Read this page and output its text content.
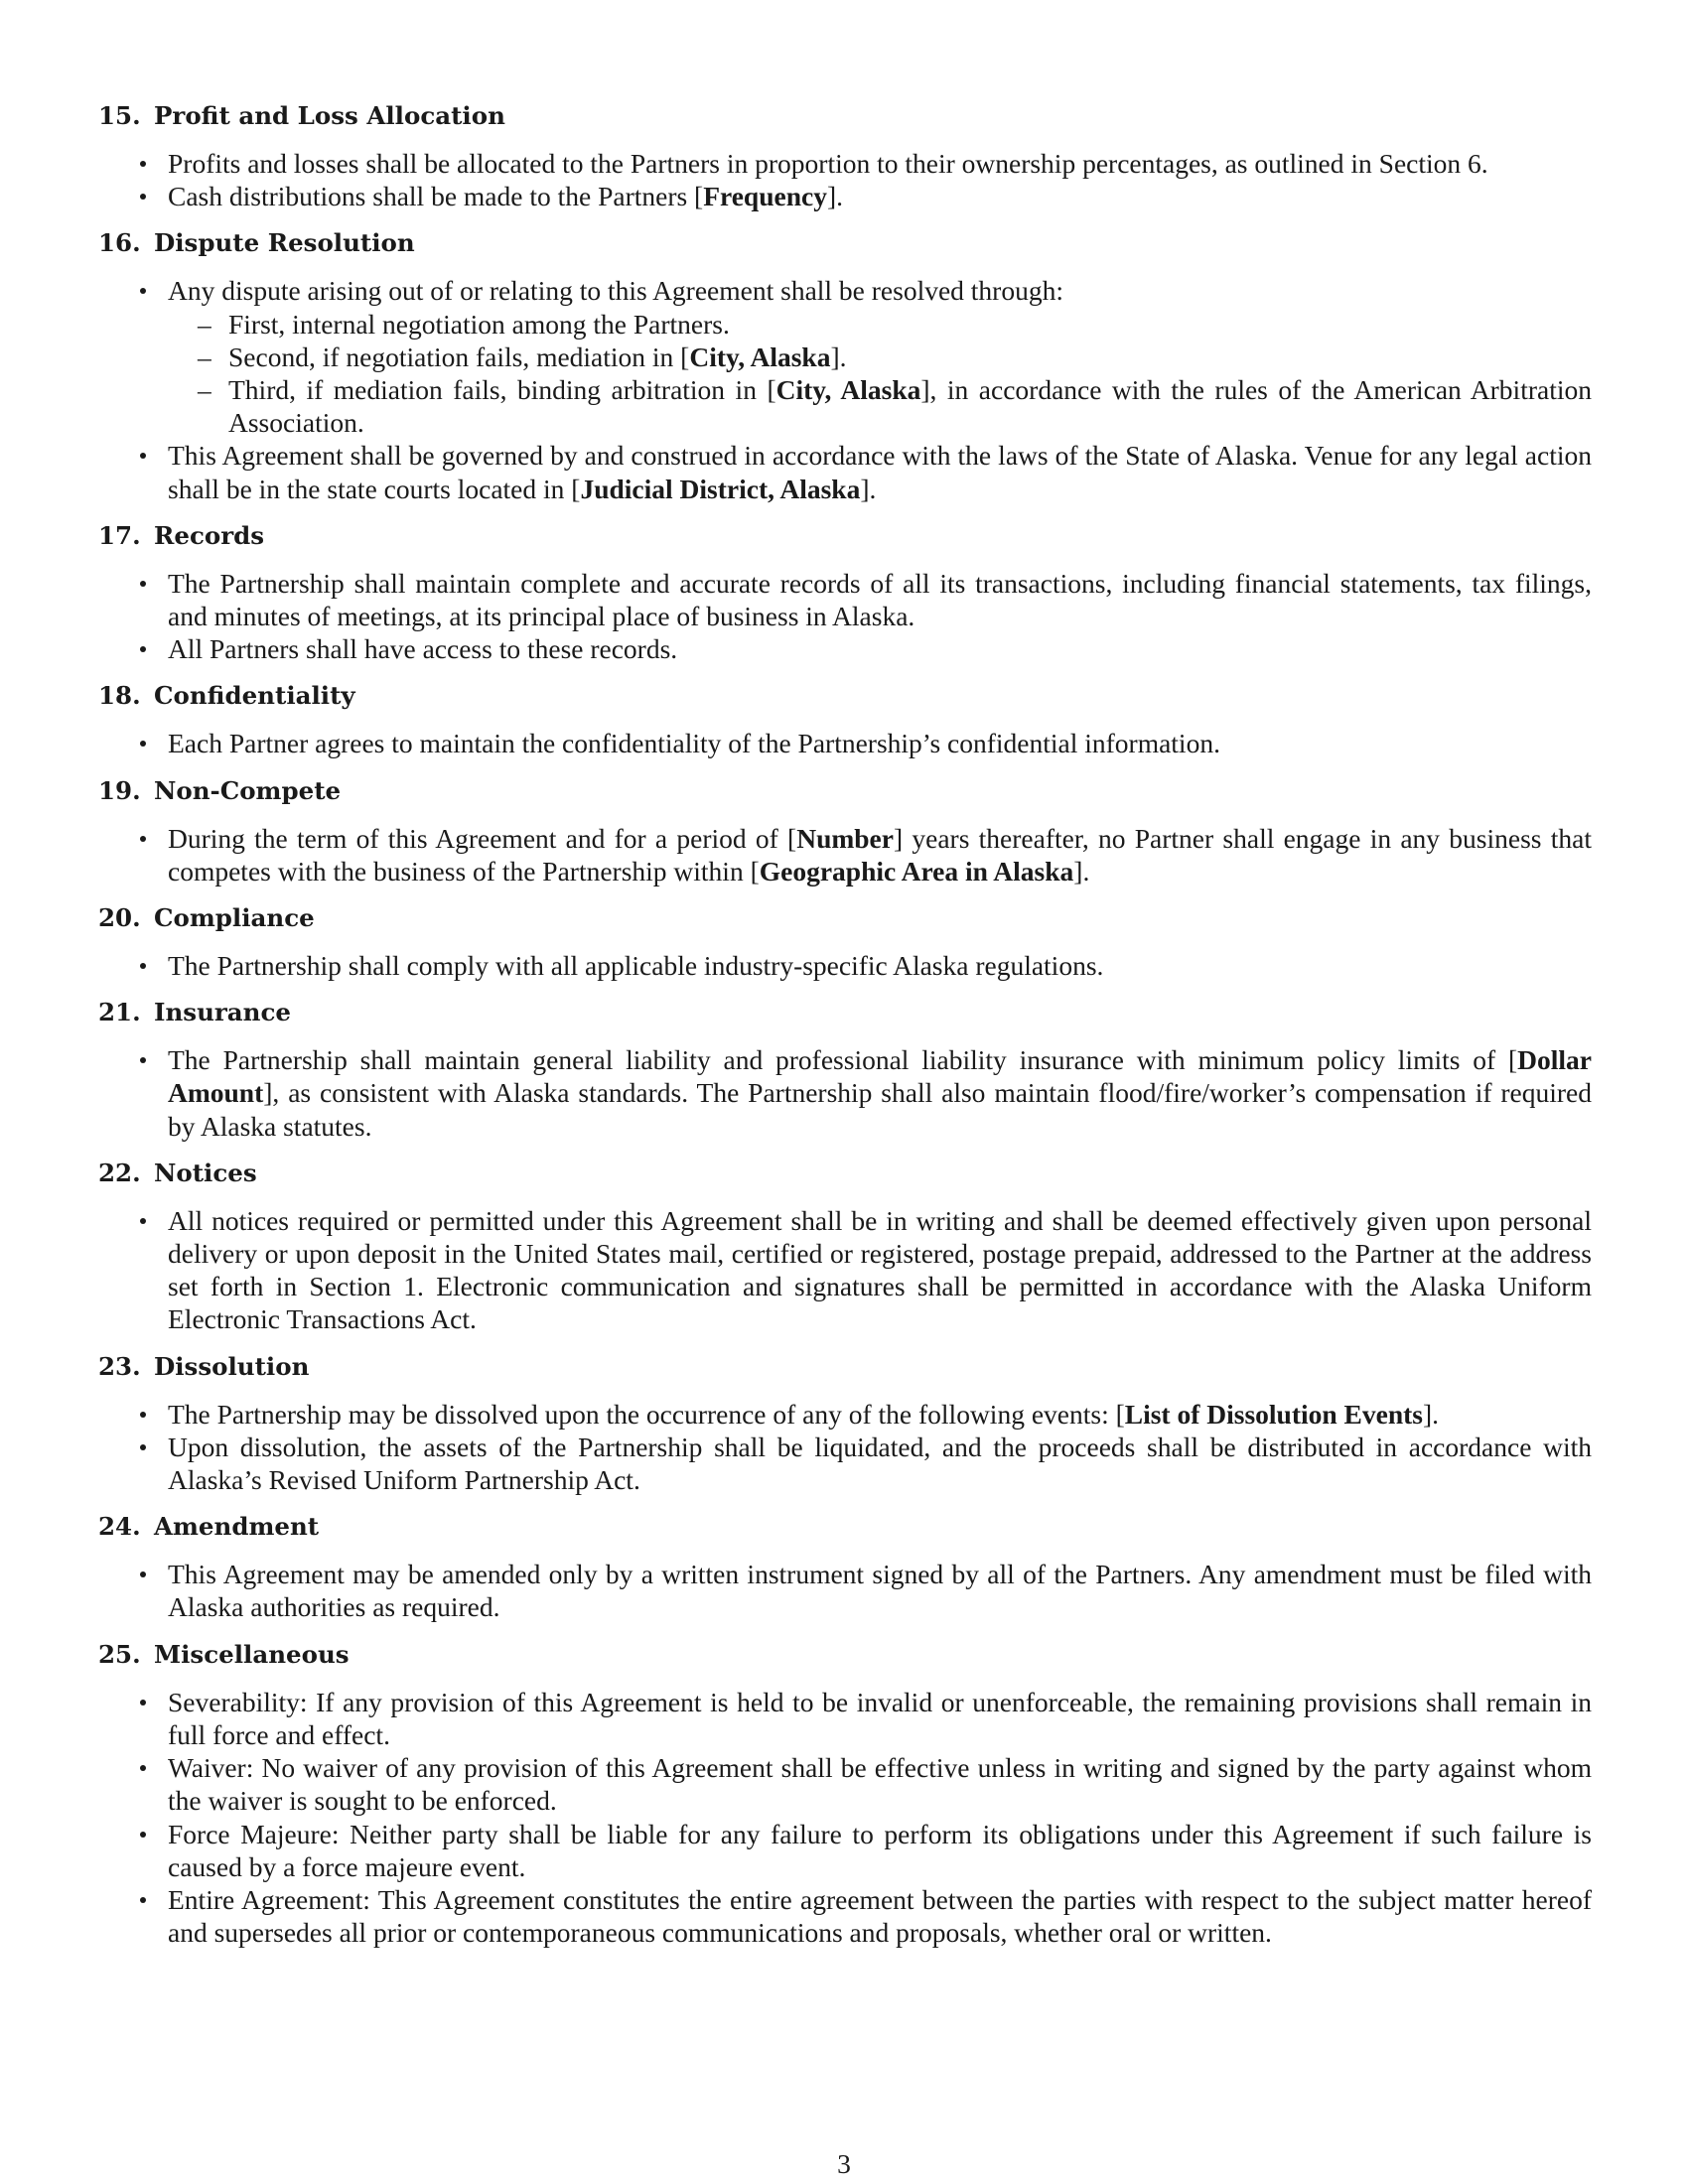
15. Profit and Loss Allocation
Profits and losses shall be allocated to the Partners in proportion to their ownership percentages, as outlined in Section 6.
Cash distributions shall be made to the Partners [Frequency].
16. Dispute Resolution
Any dispute arising out of or relating to this Agreement shall be resolved through:
– First, internal negotiation among the Partners.
– Second, if negotiation fails, mediation in [City, Alaska].
– Third, if mediation fails, binding arbitration in [City, Alaska], in accordance with the rules of the American Arbitration Association.
This Agreement shall be governed by and construed in accordance with the laws of the State of Alaska. Venue for any legal action shall be in the state courts located in [Judicial District, Alaska].
17. Records
The Partnership shall maintain complete and accurate records of all its transactions, including financial statements, tax filings, and minutes of meetings, at its principal place of business in Alaska.
All Partners shall have access to these records.
18. Confidentiality
Each Partner agrees to maintain the confidentiality of the Partnership’s confidential information.
19. Non-Compete
During the term of this Agreement and for a period of [Number] years thereafter, no Partner shall engage in any business that competes with the business of the Partnership within [Geographic Area in Alaska].
20. Compliance
The Partnership shall comply with all applicable industry-specific Alaska regulations.
21. Insurance
The Partnership shall maintain general liability and professional liability insurance with minimum policy limits of [Dollar Amount], as consistent with Alaska standards. The Partnership shall also maintain flood/fire/worker’s compensation if required by Alaska statutes.
22. Notices
All notices required or permitted under this Agreement shall be in writing and shall be deemed effectively given upon personal delivery or upon deposit in the United States mail, certified or registered, postage prepaid, addressed to the Partner at the address set forth in Section 1. Electronic communication and signatures shall be permitted in accordance with the Alaska Uniform Electronic Transactions Act.
23. Dissolution
The Partnership may be dissolved upon the occurrence of any of the following events: [List of Dissolution Events].
Upon dissolution, the assets of the Partnership shall be liquidated, and the proceeds shall be distributed in accordance with Alaska’s Revised Uniform Partnership Act.
24. Amendment
This Agreement may be amended only by a written instrument signed by all of the Partners. Any amendment must be filed with Alaska authorities as required.
25. Miscellaneous
Severability: If any provision of this Agreement is held to be invalid or unenforceable, the remaining provisions shall remain in full force and effect.
Waiver: No waiver of any provision of this Agreement shall be effective unless in writing and signed by the party against whom the waiver is sought to be enforced.
Force Majeure: Neither party shall be liable for any failure to perform its obligations under this Agreement if such failure is caused by a force majeure event.
Entire Agreement: This Agreement constitutes the entire agreement between the parties with respect to the subject matter hereof and supersedes all prior or contemporaneous communications and proposals, whether oral or written.
3
